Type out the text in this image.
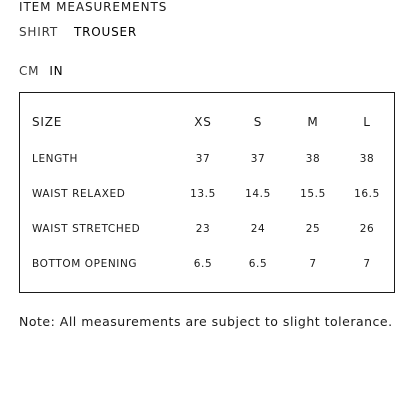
ITEM MEASUREMENTS
SHIRT TROUSER
CM IN
SIZE	XS	S	M	L
LENGTH	37	37	38	38
WAIST RELAXED	13.5	14.5	15.5	16.5
WAIST STRETCHED	23	24	25	26
BOTTOM OPENING	6.5	6.5	7	7
Note: All measurements are subject to slight tolerance.
